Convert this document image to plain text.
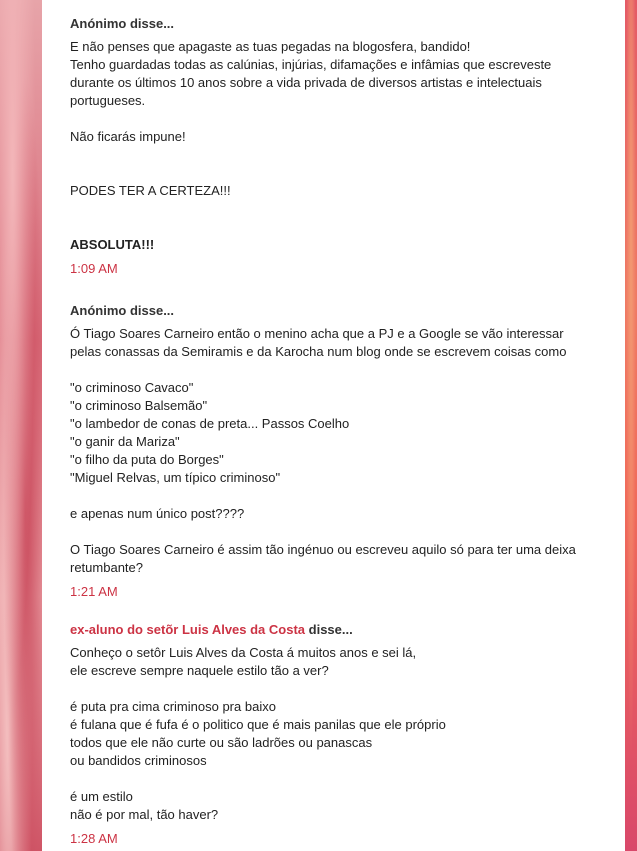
Anónimo disse...
E não penses que apagaste as tuas pegadas na blogosfera, bandido!
Tenho guardadas todas as calúnias, injúrias, difamações e infâmias que escreveste
durante os últimos 10 anos sobre a vida privada de diversos artistas e intelectuais
portugueses.
Não ficarás impune!
PODES TER A CERTEZA!!!
ABSOLUTA!!!
1:09 AM
Anónimo disse...
Ó Tiago Soares Carneiro então o menino acha que a PJ e a Google se vão interessar
pelas conassas da Semiramis e da Karocha num blog onde se escrevem coisas como
"o criminoso Cavaco"
"o criminoso Balsemão"
"o lambedor de conas de preta... Passos Coelho
"o ganir da Mariza"
"o filho da puta do Borges"
"Miguel Relvas, um típico criminoso"
e apenas num único post????
O Tiago Soares Carneiro é assim tão ingénuo ou escreveu aquilo só para ter uma deixa
retumbante?
1:21 AM
ex-aluno do setõr Luis Alves da Costa disse...
Conheço o setôr Luis Alves da Costa á muitos anos e sei lá,
ele escreve sempre naquele estilo tão a ver?
é puta pra cima criminoso pra baixo
é fulana que é fufa é o politico que é mais panilas que ele próprio
todos que ele não curte ou são ladrões ou panascas
ou bandidos criminosos
é um estilo
não é por mal, tão haver?
1:28 AM
